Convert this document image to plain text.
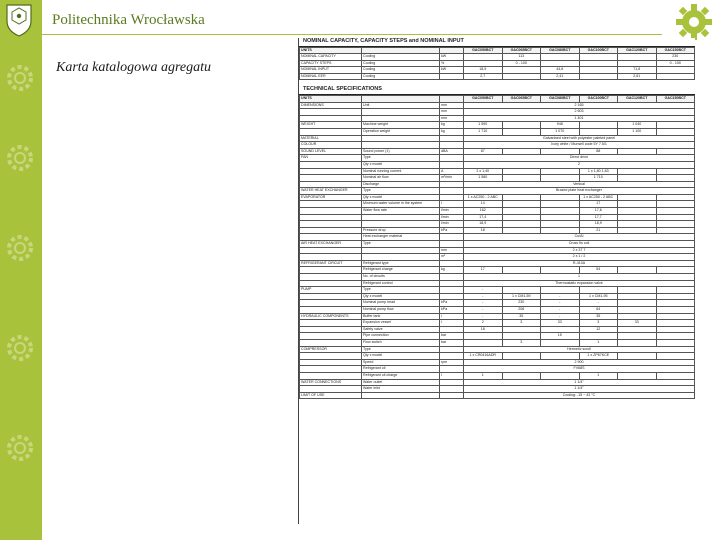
Politechnika Wrocławska
Karta katalogowa agregatu
NOMINAL CAPACITY, CAPACITY STEPS and NOMINAL INPUT
UNITS			GAC050BCT	GAC065BCT	GAC080BCT	GAC100BCT	GAC120BCT	GAC150BCT
NOMINAL CAPACITY	Cooling	kW		113				230
CAPACITY STEPS	Cooling	%		0 - 100				0 - 100
NOMINAL INPUT	Cooling	kW	18,5		44,6		71,8	
NOMINAL EER	Cooling		2,7		2,41		2,61	
TECHNICAL SPECIFICATIONS
UNITS			GAC050BCT	GAC065BCT	GAC080BCT	GAC100BCT	GAC120BCT	GAC150BCT
DIMENSIONS	Unit	mm	2 165					
		mm	2 603					
		mm	1 401					
WEIGHT	Machine weight	kg	1 590		948		1 040	
	Operation weight	kg	1 710		1 070		1 100	
MATERIAL			Galvanised steel with polyester painted panel					
COLOUR			Ivory white / Munsell code 5Y 7.5/1					
SOUND LEVEL	Sound power (1)	dBA	87			88		
FAN	Type		Direct drive					
	Qty x model		2					
	Nominal running current	A	2 x 1,40			1 x 1,80 1,83		
	Nominal air flow	m³/min	1 580			1 710		
	Discharge		Vertical					
WATER HEAT EXCHANGER	Type		Brazed plate heat exchanger					
EVAPORATOR	Qty x model		1 x AC250 - 2 ABC			1 x AC250 - 2 ABC		
	Minimum water volume in the system	l	14			17		
	Water flow rate	l/min	162			17,6		
		l/min	17,4			17,7		
		l/min	18,9			18,9		
	Pressure drop	kPa	18			21		
	Heat exchanger material		Cu/Al					
AIR HEAT EXCHANGER	Type		Cross fin coil					
		mm	2 x 37 7					
		m²	2 x 1 / 2					
REFRIGERANT CIRCUIT	Refrigerant type		R-410A					
	Refrigerant charge	kg	17			54		
	No. of circuits		1					
	Refrigerant control		Thermostatic expansion valve					
PUMP	Type		-			-		
	Qty x model		-	1 x CM1-59	-	1 x CM1-95		
	Nominal pump head	kPa	-	230	-	-		
	Nominal pump flow	kPa	-	208	-	64		
HYDRAULIC COMPONENTS	Buffer tank	l	-	35	-	35		
	Expansion vessel	l	2	3	33	3	33	
	Safety valve		18			12		
	Pipe connection	bar			15			
	Flow switch	bar		3		1		
COMPRESSOR	Type		Hermetic scroll					
	Qty x model		1 x CR0416ADR			1 x ZP67KCE		
	Speed	rpm	2 900					
	Refrigerant oil		FV68S					
	Refrigerant oil charge	l	1			1		
WATER CONNECTIONS	Water outlet		1 1/4"					
	Water inlet		1 1/4"					
LIMIT OF USE			Cooling: -15 ~ 43 °C					
